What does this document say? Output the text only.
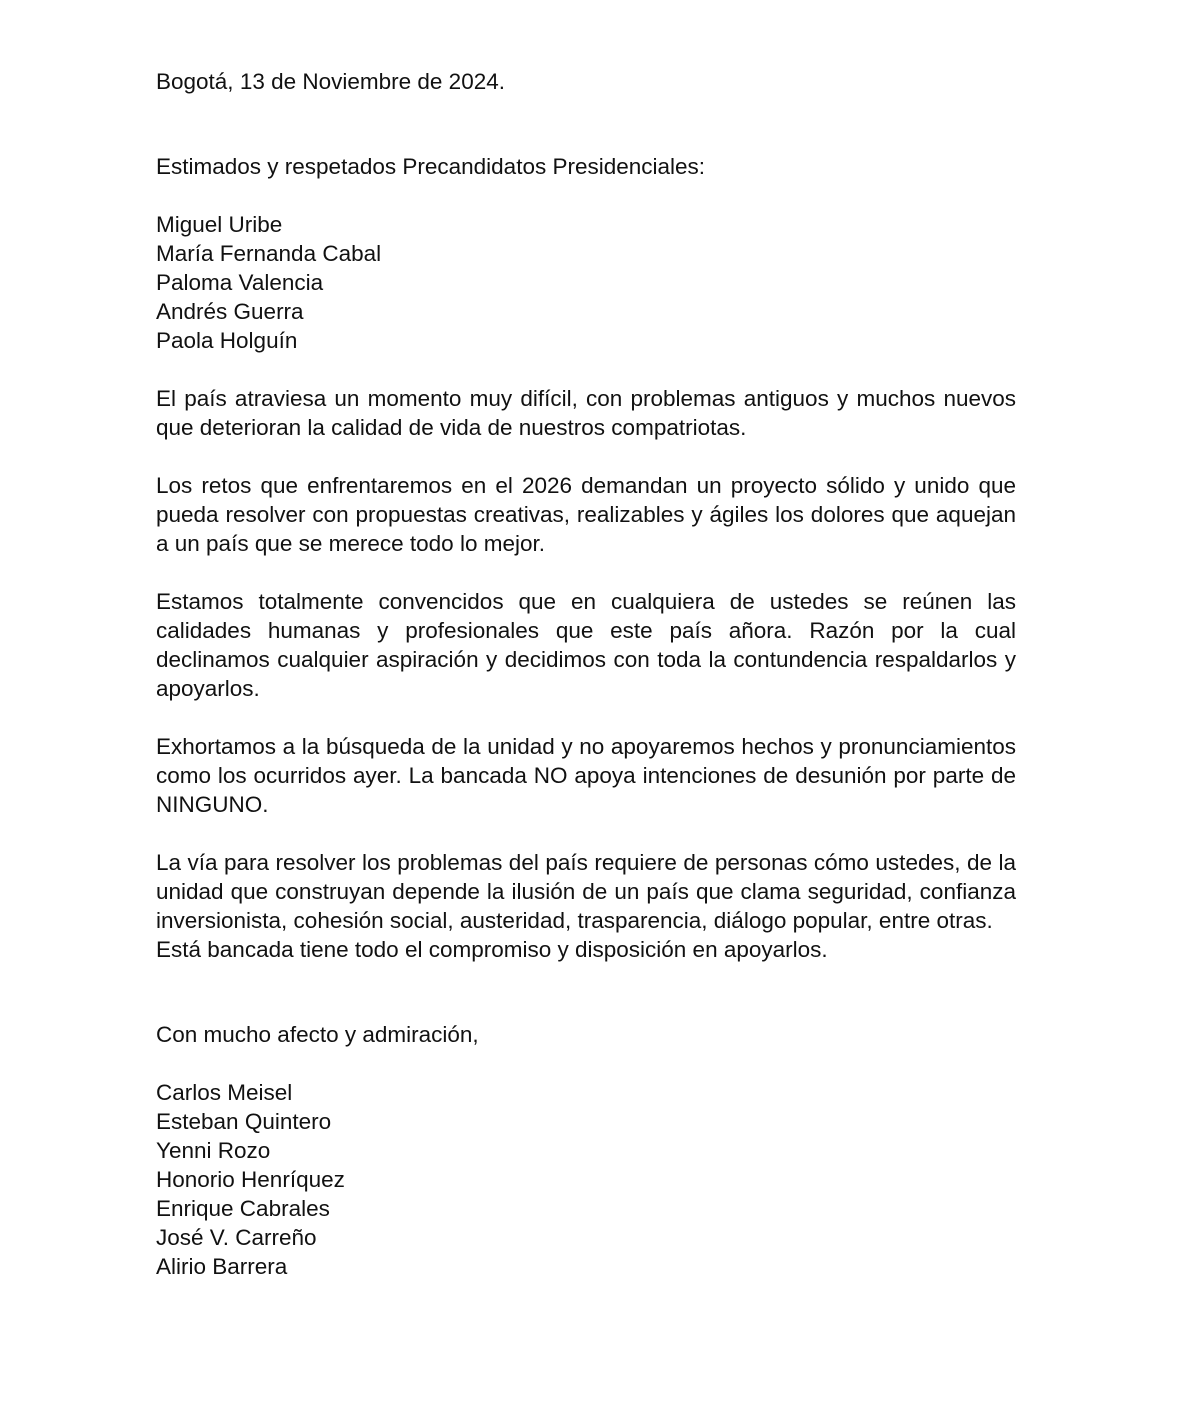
Bogotá, 13 de Noviembre de 2024.

Estimados y respetados Precandidatos Presidenciales:

Miguel Uribe
María Fernanda Cabal
Paloma Valencia
Andrés Guerra
Paola Holguín

El país atraviesa un momento muy difícil, con problemas antiguos y muchos nuevos que deterioran la calidad de vida de nuestros compatriotas.

Los retos que enfrentaremos en el 2026 demandan un proyecto sólido y unido que pueda resolver con propuestas creativas, realizables y ágiles los dolores que aquejan a un país que se merece todo lo mejor.

Estamos totalmente convencidos que en cualquiera de ustedes se reúnen las calidades humanas y profesionales que este país añora. Razón por la cual declinamos cualquier aspiración y decidimos con toda la contundencia respaldarlos y apoyarlos.

Exhortamos a la búsqueda de la unidad y no apoyaremos hechos y pronunciamientos como los ocurridos ayer. La bancada NO apoya intenciones de desunión por parte de NINGUNO.

La vía para resolver los problemas del país requiere de personas cómo ustedes, de la unidad que construyan depende la ilusión de un país que clama seguridad, confianza inversionista, cohesión social, austeridad, trasparencia, diálogo popular, entre otras.

Está bancada tiene todo el compromiso y disposición en apoyarlos.

Con mucho afecto y admiración,

Carlos Meisel
Esteban Quintero
Yenni Rozo
Honorio Henríquez
Enrique Cabrales
José V. Carreño
Alirio Barrera
